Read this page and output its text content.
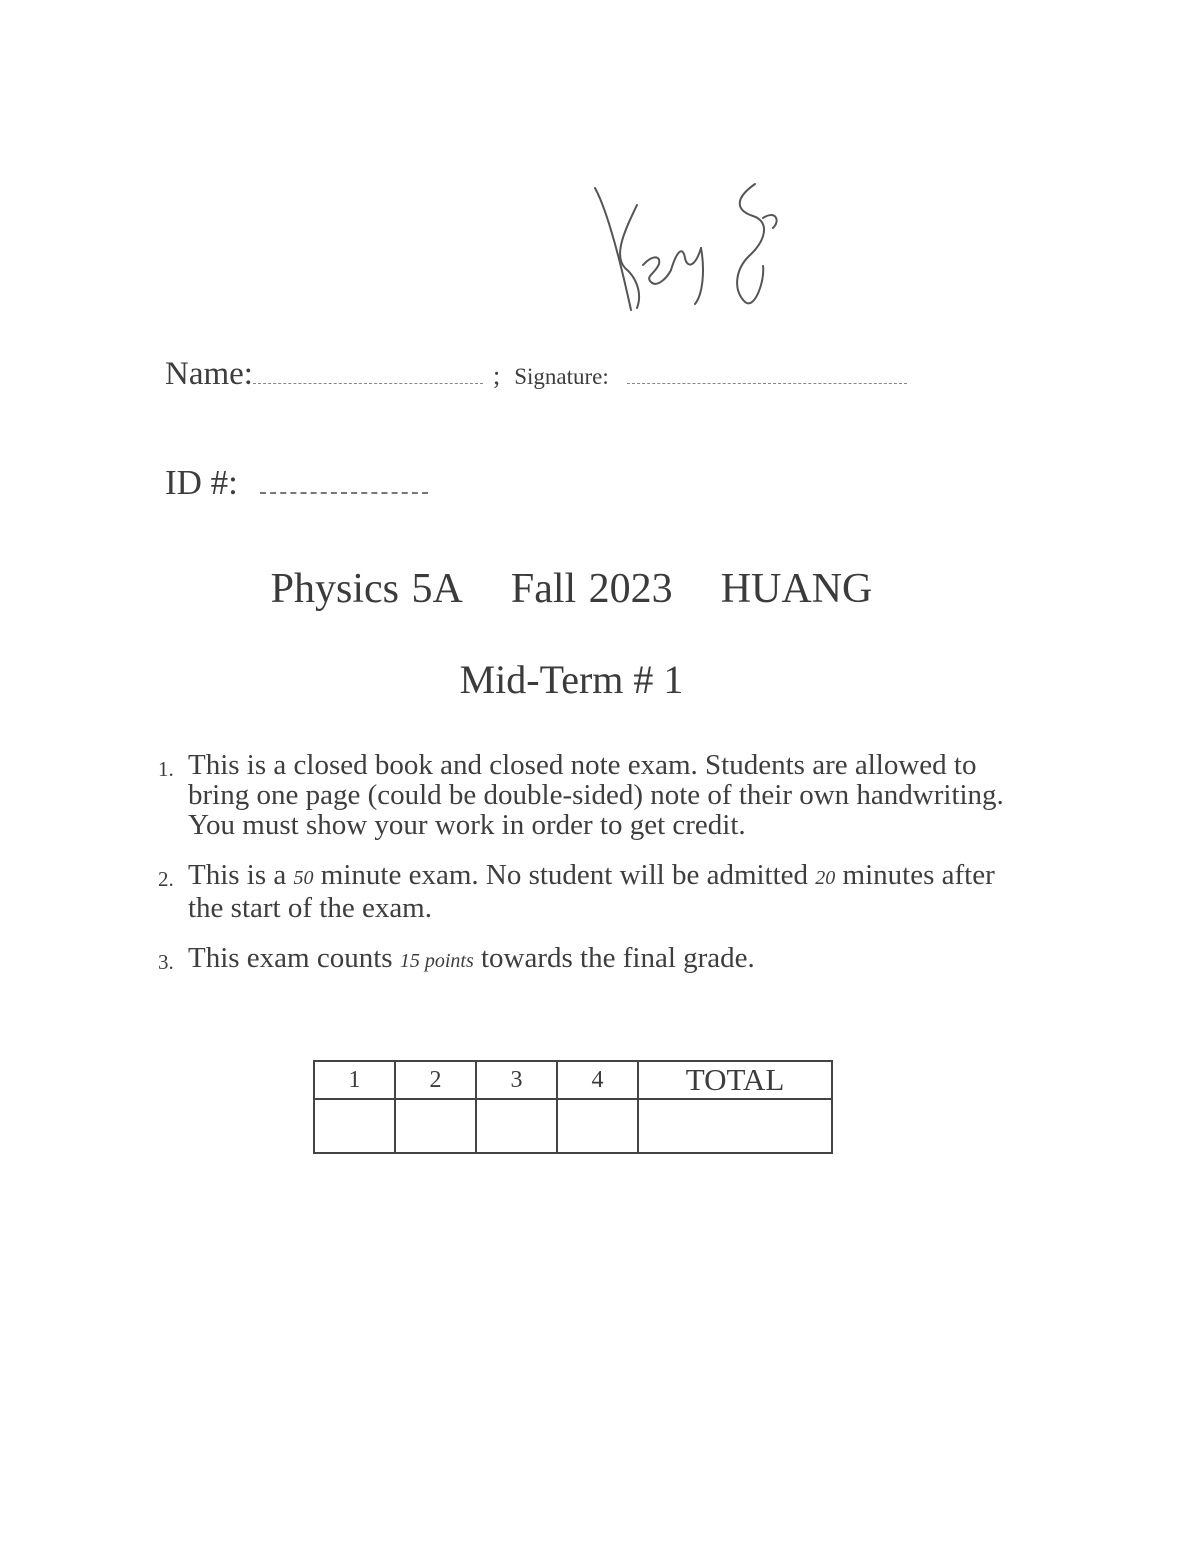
Name:	; Signature:
ID #:
Physics 5A Fall 2023 HUANG
Mid-Term # 1
1. This is a closed book and closed note exam. Students are allowed to bring one page (could be double-sided) note of their own handwriting. You must show your work in order to get credit.
2. This is a 50 minute exam. No student will be admitted 20 minutes after the start of the exam.
3. This exam counts 15 points towards the final grade.
1	2	3	4	TOTAL
